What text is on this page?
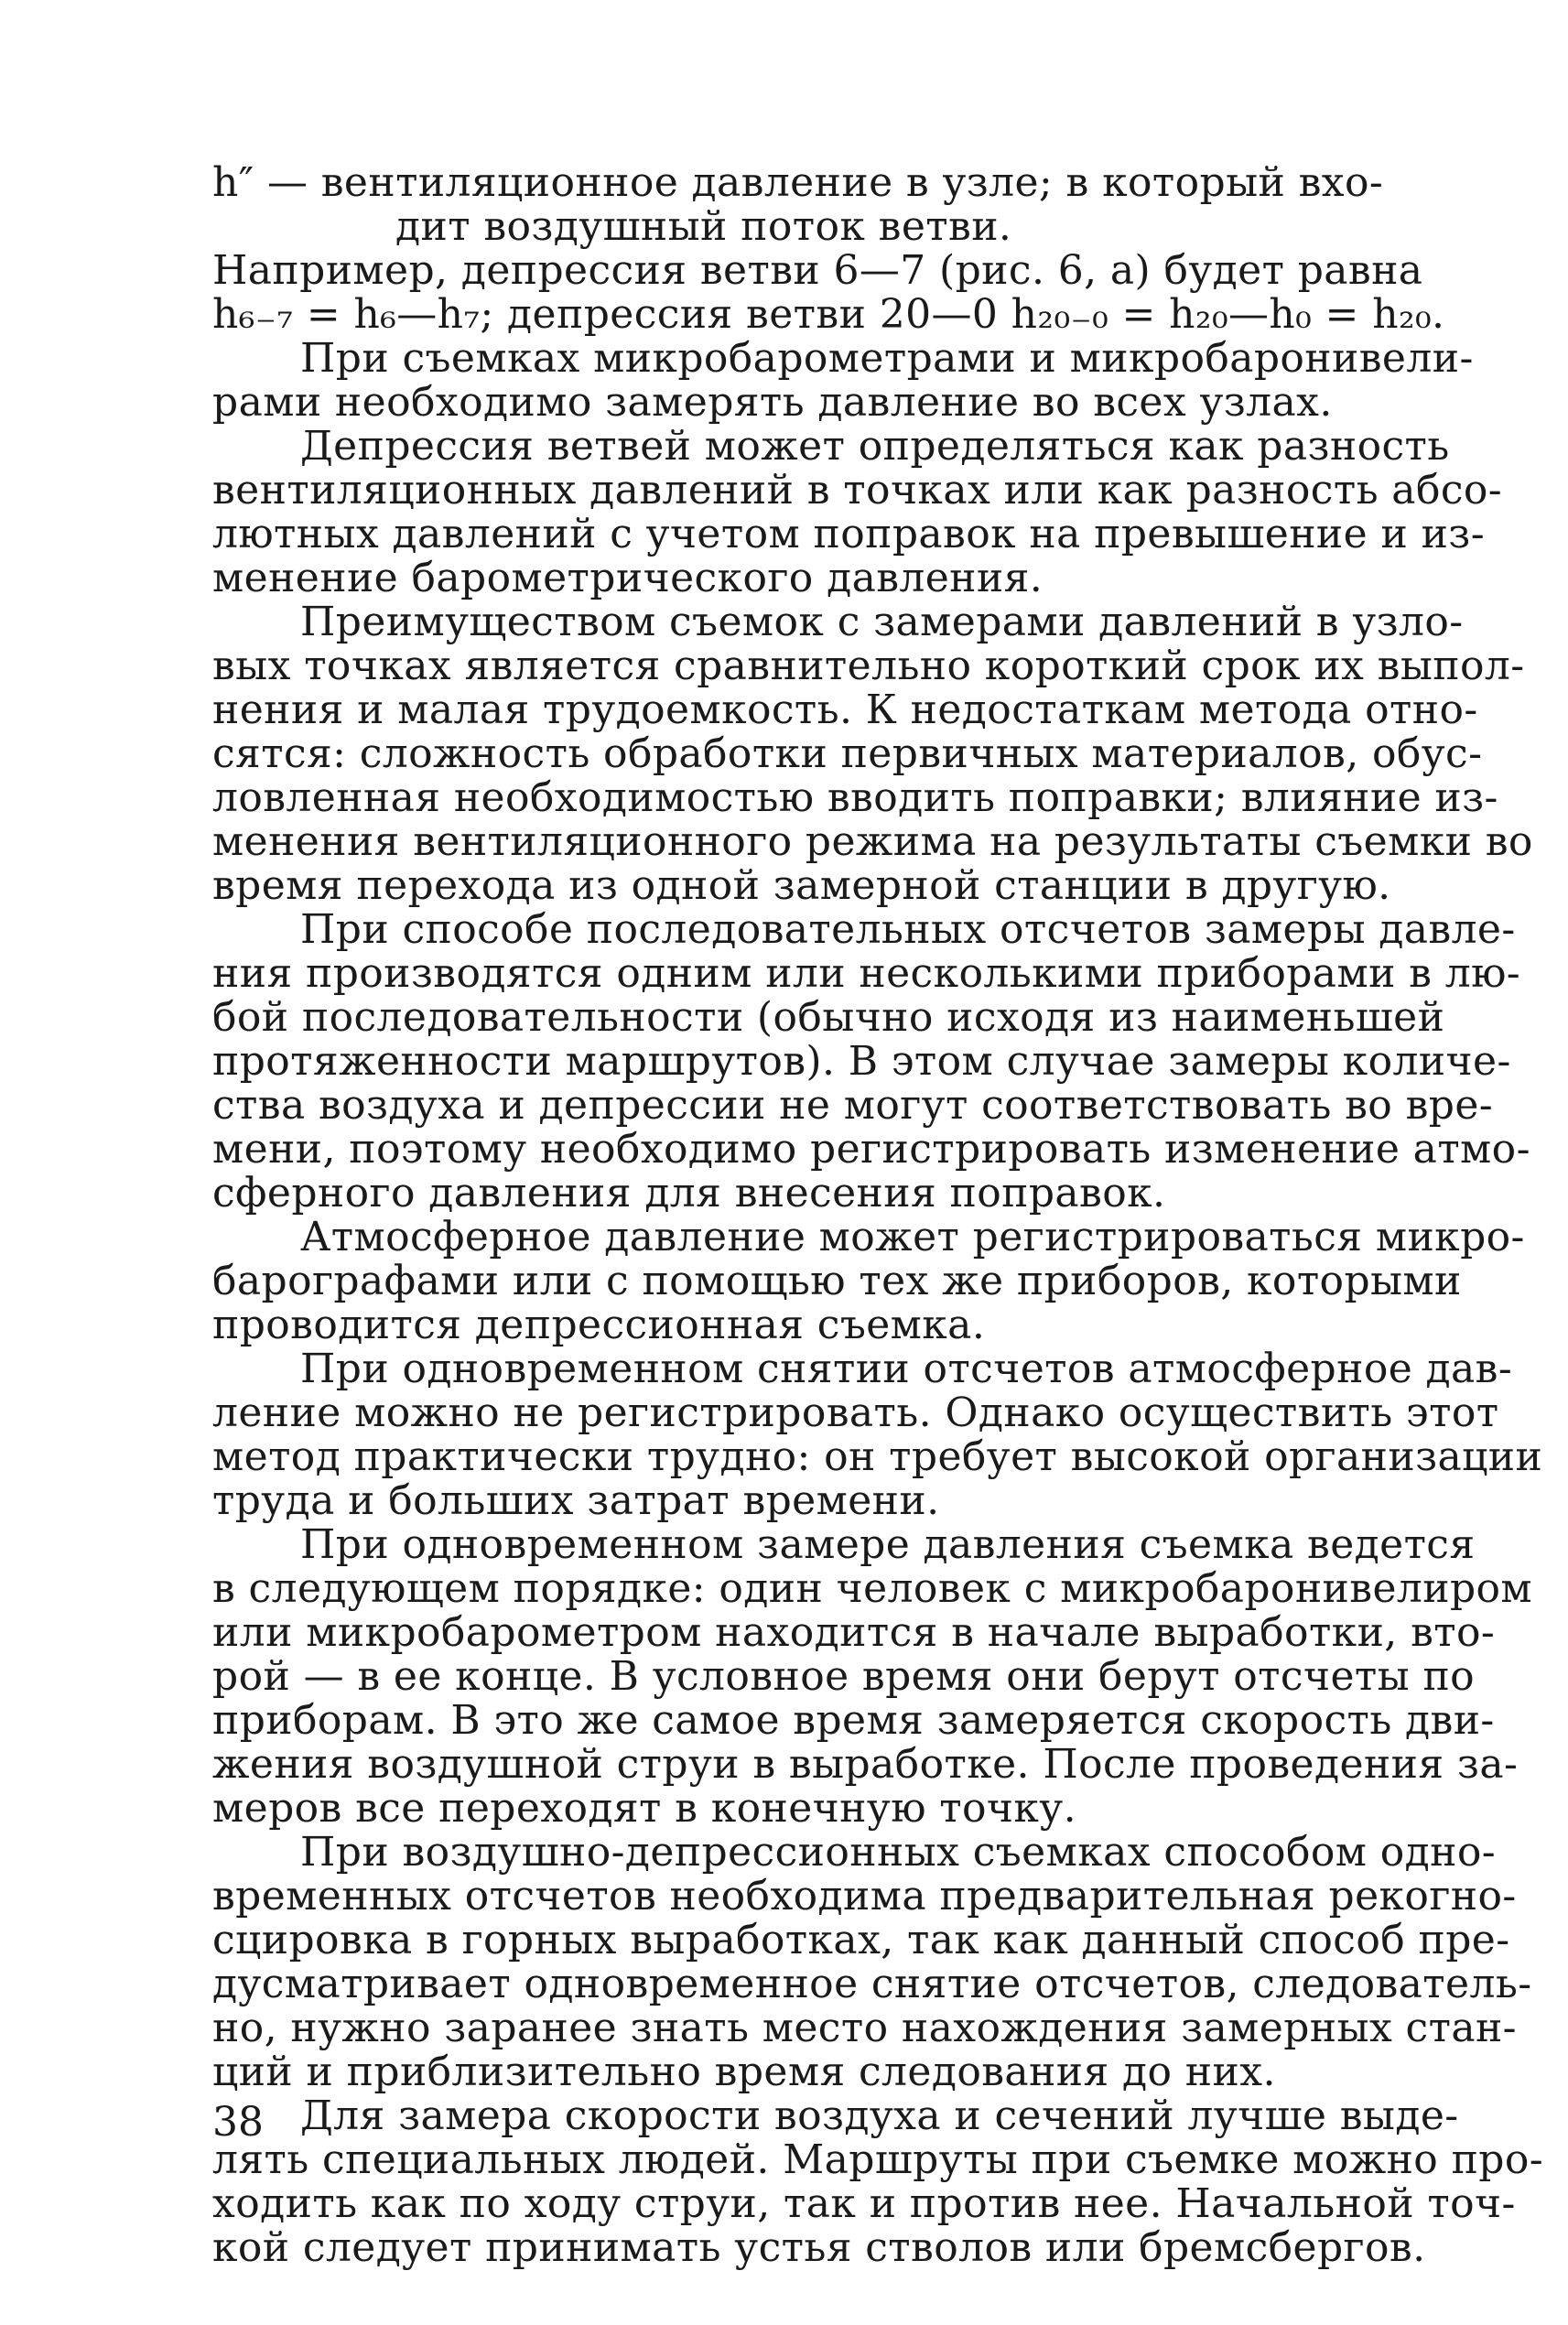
h″ — вентиляционное давление в узле; в который вхо-
дит воздушный поток ветви.
Например, депрессия ветви 6—7 (рис. 6, а) будет равна
h₆₋₇ = h₆—h₇; депрессия ветви 20—0 h₂₀₋₀ = h₂₀—h₀ = h₂₀.
При съемках микробарометрами и микробаронивели-
рами необходимо замерять давление во всех узлах.
Депрессия ветвей может определяться как разность
вентиляционных давлений в точках или как разность абсо-
лютных давлений с учетом поправок на превышение и из-
менение барометрического давления.
Преимуществом съемок с замерами давлений в узло-
вых точках является сравнительно короткий срок их выпол-
нения и малая трудоемкость. К недостаткам метода отно-
сятся: сложность обработки первичных материалов, обус-
ловленная необходимостью вводить поправки; влияние из-
менения вентиляционного режима на результаты съемки во
время перехода из одной замерной станции в другую.
При способе последовательных отсчетов замеры давле-
ния производятся одним или несколькими приборами в лю-
бой последовательности (обычно исходя из наименьшей
протяженности маршрутов). В этом случае замеры количе-
ства воздуха и депрессии не могут соответствовать во вре-
мени, поэтому необходимо регистрировать изменение атмо-
сферного давления для внесения поправок.
Атмосферное давление может регистрироваться микро-
барографами или с помощью тех же приборов, которыми
проводится депрессионная съемка.
При одновременном снятии отсчетов атмосферное дав-
ление можно не регистрировать. Однако осуществить этот
метод практически трудно: он требует высокой организации
труда и больших затрат времени.
При одновременном замере давления съемка ведется
в следующем порядке: один человек с микробаронивелиром
или микробарометром находится в начале выработки, вто-
рой — в ее конце. В условное время они берут отсчеты по
приборам. В это же самое время замеряется скорость дви-
жения воздушной струи в выработке. После проведения за-
меров все переходят в конечную точку.
При воздушно-депрессионных съемках способом одно-
временных отсчетов необходима предварительная рекогно-
сцировка в горных выработках, так как данный способ пре-
дусматривает одновременное снятие отсчетов, следователь-
но, нужно заранее знать место нахождения замерных стан-
ций и приблизительно время следования до них.
Для замера скорости воздуха и сечений лучше выде-
лять специальных людей. Маршруты при съемке можно про-
ходить как по ходу струи, так и против нее. Начальной точ-
кой следует принимать устья стволов или бремсбергов.
38
